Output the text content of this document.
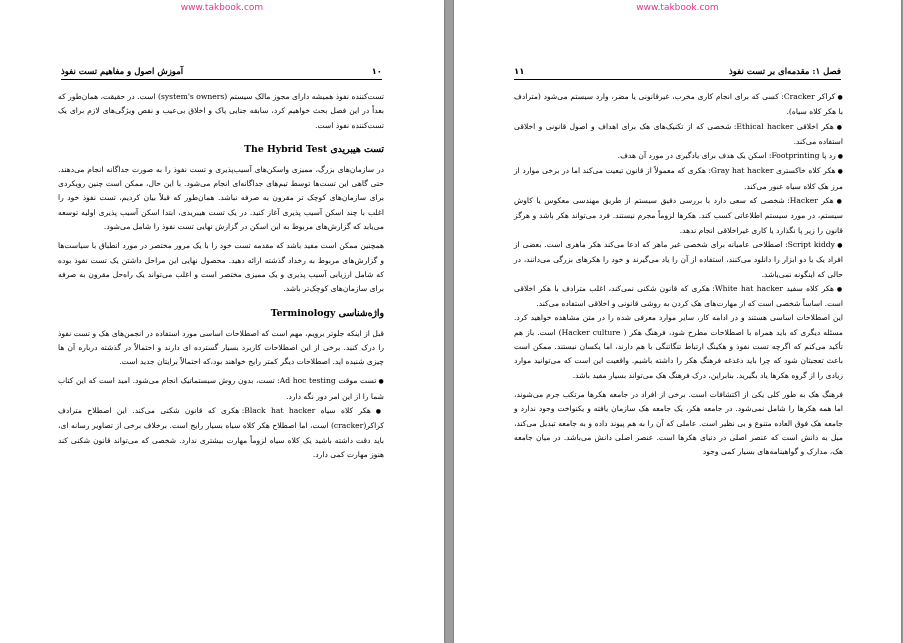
www.takbook.com
۱۰
آموزش اصول و مفاهیم تست نفوذ

تست‌کننده نفوذ همیشه دارای مجوز مالک سیستم (system's owners) است. در حقیقت، همان‌طور که بعداً در این فصل بحث خواهیم کرد، سابقه جنایی پاک و اخلاق بی‌عیب و نقص ویژگی‌های لازم برای یک تست‌کننده نفوذ است.

تست هیبریدی The Hybrid Test

در سازمان‌های بزرگ، ممیزی واسکن‌های آسیب‌پذیری و تست نفوذ را به صورت جداگانه انجام می‌دهند. حتی گاهی این تست‌ها توسط تیم‌های جداگانه‌ای انجام می‌شود. با این حال، ممکن است چنین رویکردی برای سازمان‌های کوچک تر مقرون به صرفه نباشد. همان‌طور که قبلاً بیان کردیم، تست نفوذ خود را اغلب با چند اسکن آسیب پذیری آغاز کنید. در یک تست هیبریدی، ابتدا اسکن آسیب پذیری اولیه توسعه می‌یابد که گزارش‌های مربوط به این اسکن در گزارش نهایی تست نفوذ را شامل می‌شود.

همچنین ممکن است مفید باشد که مقدمه تست خود را با یک مرور مختصر در مورد انطباق با سیاست‌ها و گزارش‌های مربوط به رخداد گذشته ارائه دهید. محصول نهایی این مراحل داشتن یک تست نفوذ بوده که شامل ارزیابی آسیب پذیری و یک ممیزی مختصر است و اغلب می‌تواند یک راه‌حل مقرون به صرفه برای سازمان‌های کوچک‌تر باشد.

واژه‌شناسی Terminology

قبل از اینکه جلوتر برویم، مهم است که اصطلاحات اساسی مورد استفاده در انجمن‌های هک و تست نفوذ را درک کنید. برخی از این اصطلاحات کاربرد بسیار گسترده ای دارند و احتمالاً در گذشته درباره آن ها چیزی شنیده اید. اصطلاحات دیگر کمتر رایج خواهند بود،که احتمالاً برایتان جدید است.

● تست موقت Ad hoc testing: تست، بدون روش سیستماتیک انجام می‌شود. امید است که این کتاب شما را از این امر دور نگه دارد.

● هکر کلاه سیاه Black hat hacker: هکری که قانون شکنی می‌کند. این اصطلاح مترادف کراکر(cracker) است، اما اصطلاح هکر کلاه سیاه بسیار رایج است. برخلاف برخی از تصاویر رسانه ای، باید دقت داشته باشید یک کلاه سیاه لزوماً مهارت بیشتری ندارد. شخصی که می‌تواند قانون شکنی کند هنوز مهارت کمی دارد.

www.takbook.com
۱۱	فصل ۱: مقدمه‌ای بر تست نفوذ

● کراکر Cracker: کسی که برای انجام کاری مخرب، غیرقانونی یا مضر، وارد سیستم می‌شود (مترادف با هکر کلاه سیاه).

● هکر اخلاقی Ethical hacker: شخصی که از تکنیک‌های هک برای اهداف و اصول قانونی و اخلاقی استفاده می‌کند.

● رد پا Footprinting: اسکن یک هدف برای یادگیری در مورد آن هدف.

● هکر کلاه خاکستری Gray hat hacker: هکری که معمولاً از قانون تبعیت می‌کند اما در برخی موارد از مرز هک کلاه سیاه عبور می‌کند.

● هکر Hacker: شخصی که سعی دارد با بررسی دقیق سیستم از طریق مهندسی معکوس یا کاوش سیستم، در مورد سیستم اطلاعاتی کسب کند. هکرها لزوماً مجرم نیستند. فرد می‌تواند هکر باشد و هرگز قانون را زیر پا نگذارد یا کاری غیراخلاقی انجام ندهد.

● Script kiddy: اصطلاحی عامیانه برای شخصی غیر ماهر که ادعا می‌کند هکر ماهری است. بعضی از افراد یک یا دو ابزار را دانلود می‌کنند، استفاده از آن را یاد می‌گیرند و خود را هکرهای بزرگی می‌دانند، در حالی که اینگونه نمی‌باشد.

● هکر کلاه سفید White hat hacker: هکری که قانون شکنی نمی‌کند، اغلب مترادف با هکر اخلاقی است. اساساً شخصی است که از مهارت‌های هک کردن به روشی قانونی و اخلاقی استفاده می‌کند.

این اصطلاحات اساسی هستند و در ادامه کار، سایر موارد معرفی شده را در متن مشاهده خواهید کرد. مسئله دیگری که باید همراه با اصطلاحات مطرح شود، فرهنگ هکر ( Hacker culture) است. باز هم تأکید می‌کنم که اگرچه تست نفوذ و هکینگ ارتباط تنگاتنگی با هم دارند، اما یکسان نیستند. ممکن است باعث تعجبتان شود که چرا باید دغدغه فرهنگ هکر را داشته باشیم. واقعیت این است که می‌توانید موارد زیادی را از گروه هکرها یاد بگیرید. بنابراین، درک فرهنگ هک می‌تواند بسیار مفید باشد.

فرهنگ هک به طور کلی یکی از اکتشافات است. برخی از افراد در جامعه هکرها مرتکب جرم می‌شوند، اما همه هکرها را شامل نمی‌شود. در جامعه هکر، یک جامعه هک سازمان یافته و یکنواخت وجود ندارد و جامعه هک فوق العاده متنوع و بی نظیر است. عاملی که آن را به هم پیوند داده و به جامعه تبدیل می‌کند، میل به دانش است که عنصر اصلی در دنیای هکرها است. عنصر اصلی دانش می‌باشد. در میان جامعه هک، مدارک و گواهینامه‌های بسیار کمی وجود
